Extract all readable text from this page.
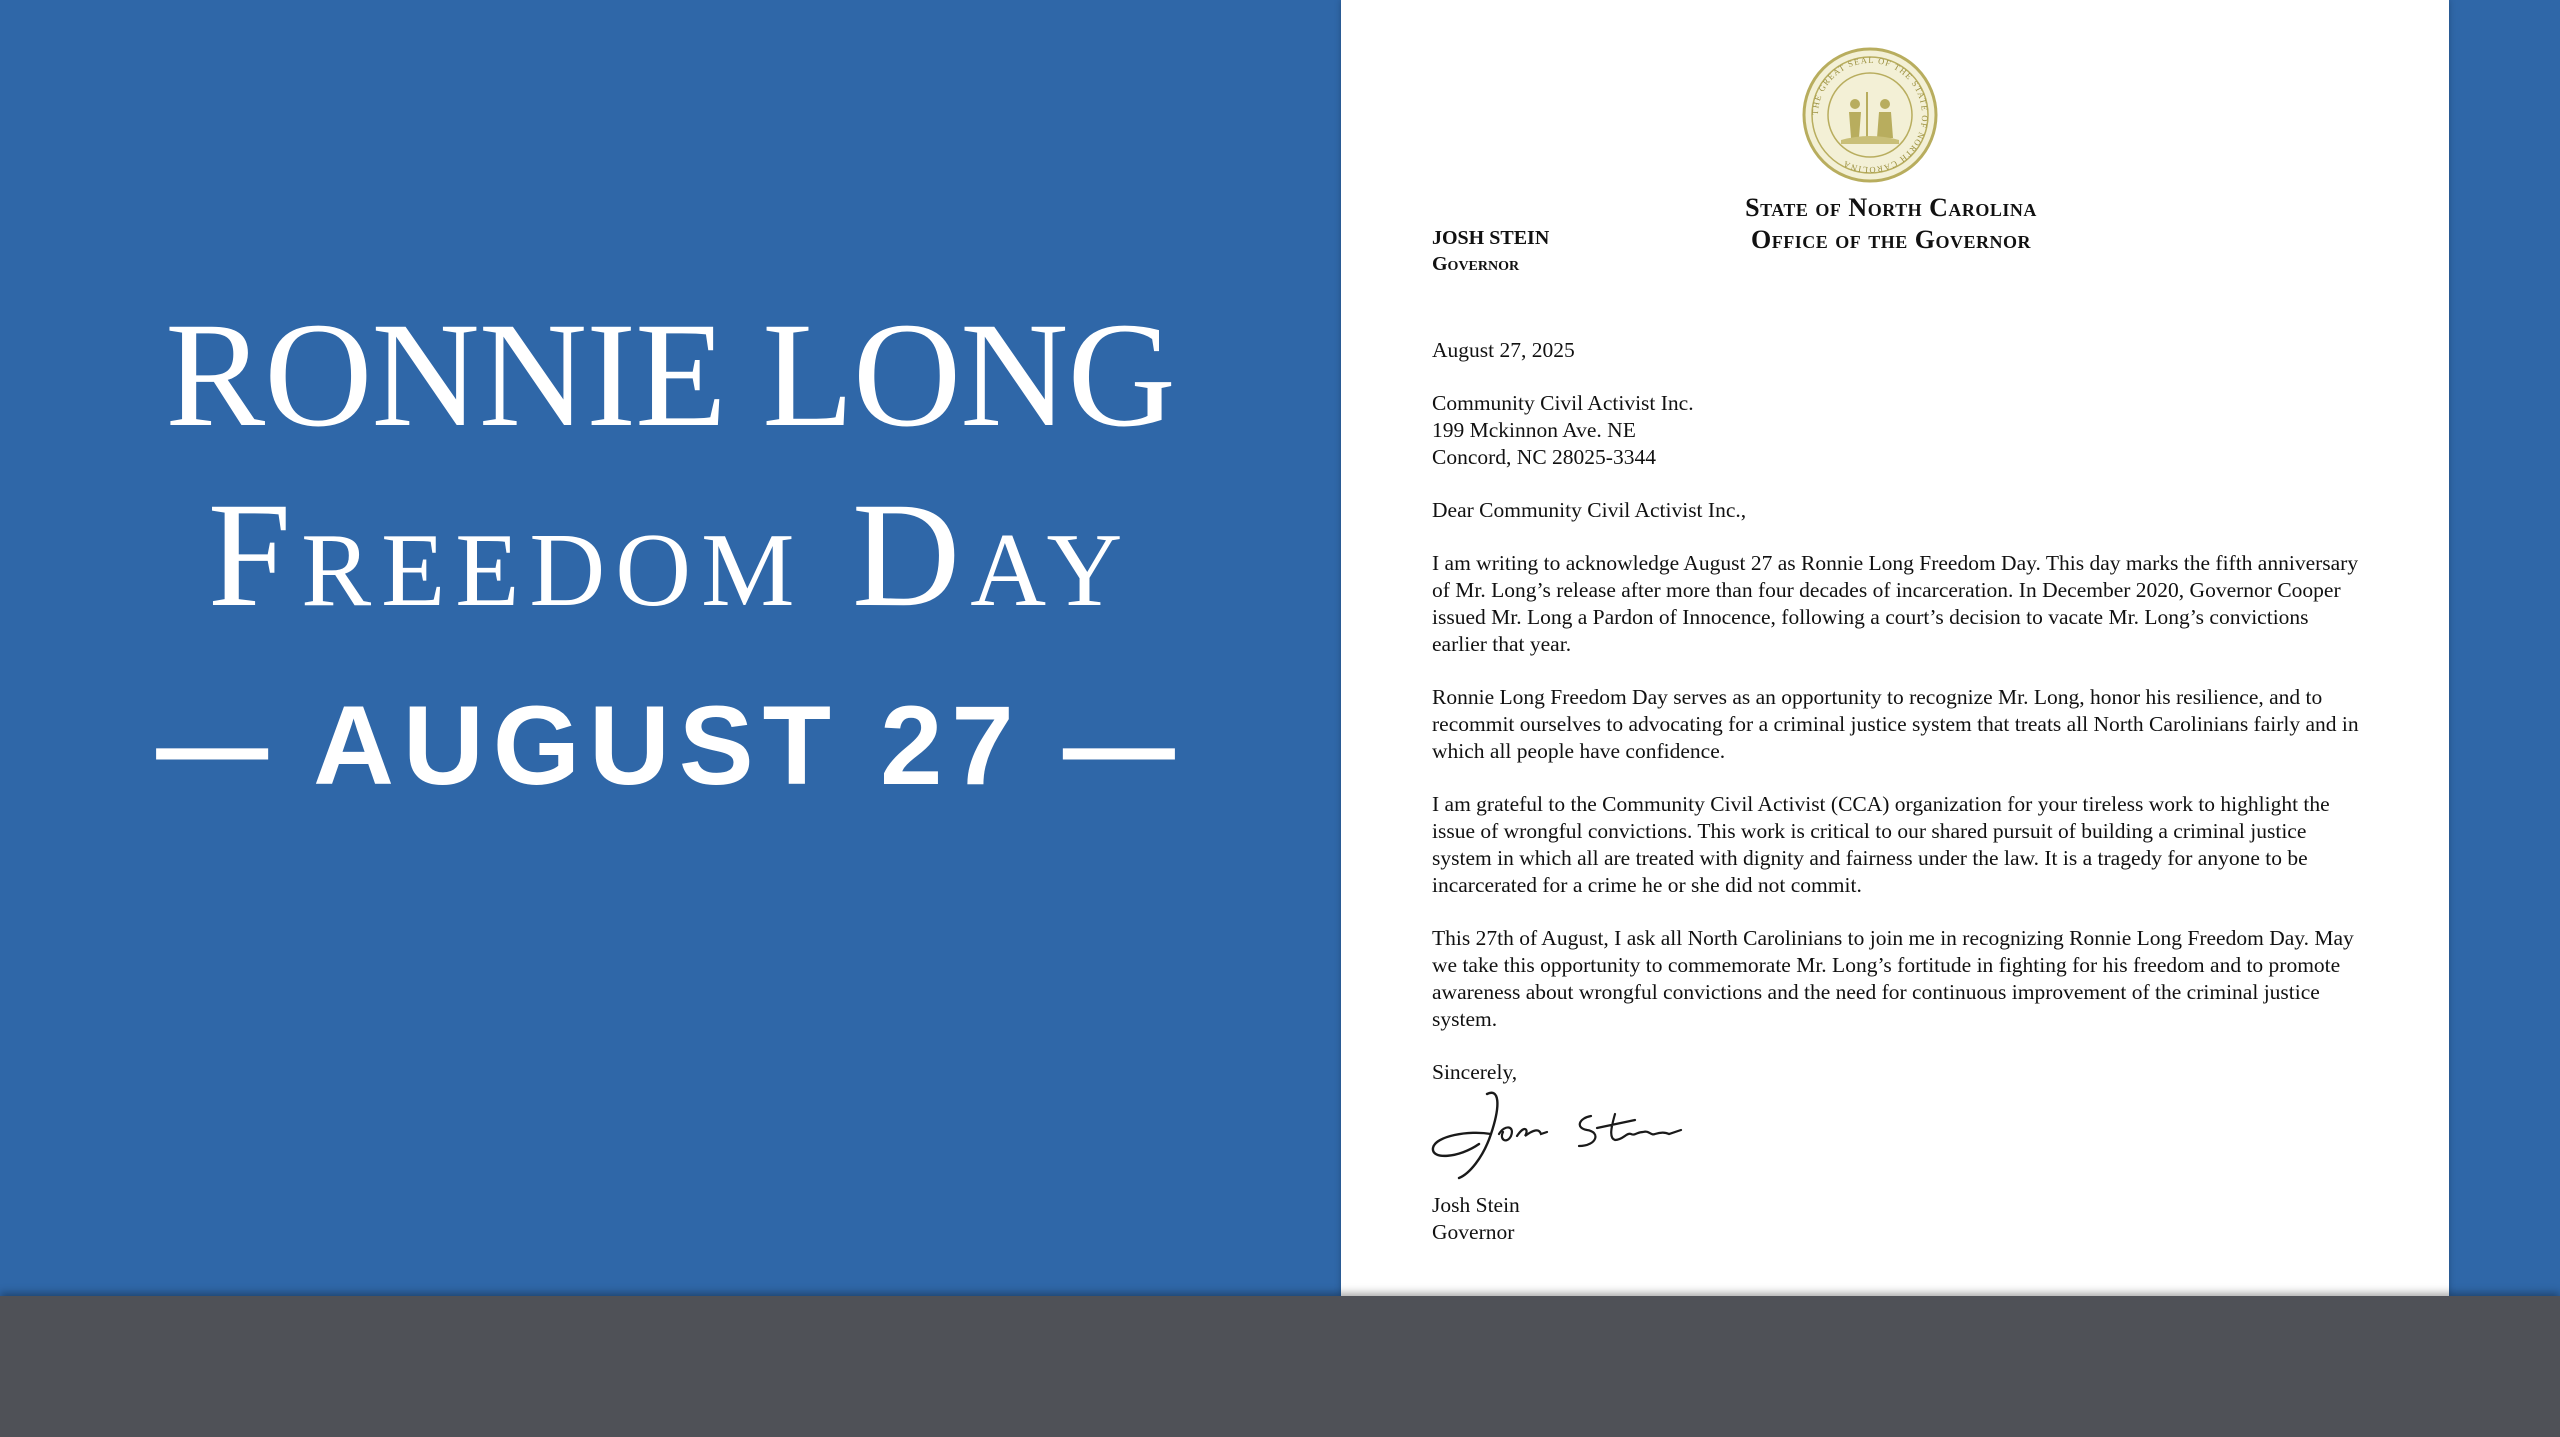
RONNIE LONG
Freedom Day
— AUGUST 27 —
THE GREAT SEAL OF THE STATE OF NORTH CAROLINA
State of North Carolina
Office of the Governor
JOSH STEIN
Governor

August 27, 2025

Community Civil Activist Inc.
199 Mckinnon Ave. NE
Concord, NC 28025-3344

Dear Community Civil Activist Inc.,

I am writing to acknowledge August 27 as Ronnie Long Freedom Day. This day marks the fifth anniversary of Mr. Long’s release after more than four decades of incarceration. In December 2020, Governor Cooper issued Mr. Long a Pardon of Innocence, following a court’s decision to vacate Mr. Long’s convictions earlier that year.

Ronnie Long Freedom Day serves as an opportunity to recognize Mr. Long, honor his resilience, and to recommit ourselves to advocating for a criminal justice system that treats all North Carolinians fairly and in which all people have confidence.

I am grateful to the Community Civil Activist (CCA) organization for your tireless work to highlight the issue of wrongful convictions. This work is critical to our shared pursuit of building a criminal justice system in which all are treated with dignity and fairness under the law. It is a tragedy for anyone to be incarcerated for a crime he or she did not commit.

This 27th of August, I ask all North Carolinians to join me in recognizing Ronnie Long Freedom Day. May we take this opportunity to commemorate Mr. Long’s fortitude in fighting for his freedom and to promote awareness about wrongful convictions and the need for continuous improvement of the criminal justice system.

Sincerely,

Josh Stein
Governor
